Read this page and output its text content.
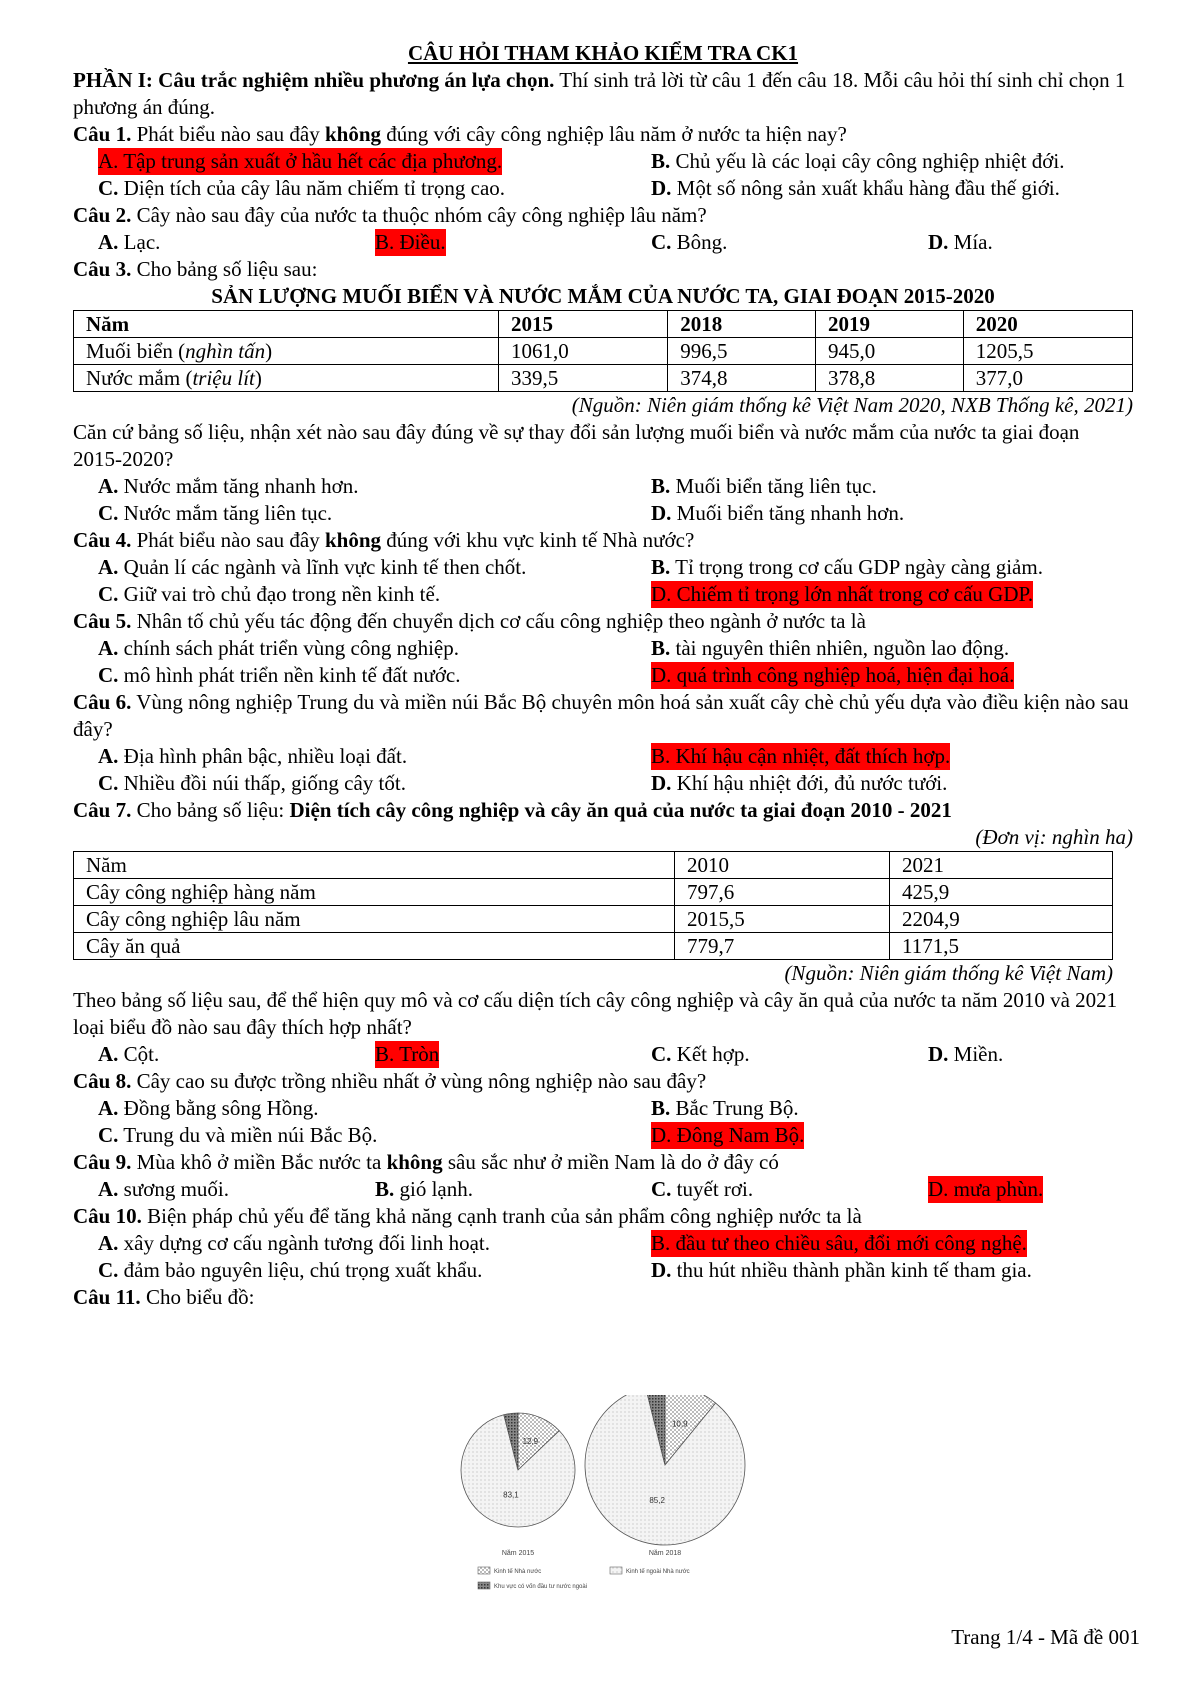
CÂU HỎI THAM KHẢO KIỂM TRA CK1
PHẦN I: Câu trắc nghiệm nhiều phương án lựa chọn. Thí sinh trả lời từ câu 1 đến câu 18. Mỗi câu hỏi thí sinh chỉ chọn 1 phương án đúng.
Câu 1. Phát biểu nào sau đây không đúng với cây công nghiệp lâu năm ở nước ta hiện nay?
A. Tập trung sản xuất ở hầu hết các địa phương.	B. Chủ yếu là các loại cây công nghiệp nhiệt đới.
C. Diện tích của cây lâu năm chiếm tỉ trọng cao.	D. Một số nông sản xuất khẩu hàng đầu thế giới.
Câu 2. Cây nào sau đây của nước ta thuộc nhóm cây công nghiệp lâu năm?
A. Lạc.	B. Điều.	C. Bông.	D. Mía.
Câu 3. Cho bảng số liệu sau:
SẢN LƯỢNG MUỐI BIỂN VÀ NƯỚC MẮM CỦA NƯỚC TA, GIAI ĐOẠN 2015-2020
Năm	2015	2018	2019	2020
Muối biển (nghìn tấn)	1061,0	996,5	945,0	1205,5
Nước mắm (triệu lít)	339,5	374,8	378,8	377,0
(Nguồn: Niên giám thống kê Việt Nam 2020, NXB Thống kê, 2021)
Căn cứ bảng số liệu, nhận xét nào sau đây đúng về sự thay đổi sản lượng muối biển và nước mắm của nước ta giai đoạn 2015-2020?
A. Nước mắm tăng nhanh hơn.	B. Muối biển tăng liên tục.
C. Nước mắm tăng liên tục.	D. Muối biển tăng nhanh hơn.
Câu 4. Phát biểu nào sau đây không đúng với khu vực kinh tế Nhà nước?
A. Quản lí các ngành và lĩnh vực kinh tế then chốt.	B. Tỉ trọng trong cơ cấu GDP ngày càng giảm.
C. Giữ vai trò chủ đạo trong nền kinh tế.	D. Chiếm tỉ trọng lớn nhất trong cơ cấu GDP.
Câu 5. Nhân tố chủ yếu tác động đến chuyển dịch cơ cấu công nghiệp theo ngành ở nước ta là
A. chính sách phát triển vùng công nghiệp.	B. tài nguyên thiên nhiên, nguồn lao động.
C. mô hình phát triển nền kinh tế đất nước.	D. quá trình công nghiệp hoá, hiện đại hoá.
Câu 6. Vùng nông nghiệp Trung du và miền núi Bắc Bộ chuyên môn hoá sản xuất cây chè chủ yếu dựa vào điều kiện nào sau đây?
A. Địa hình phân bậc, nhiều loại đất.	B. Khí hậu cận nhiệt, đất thích hợp.
C. Nhiều đồi núi thấp, giống cây tốt.	D. Khí hậu nhiệt đới, đủ nước tưới.
Câu 7. Cho bảng số liệu: Diện tích cây công nghiệp và cây ăn quả của nước ta giai đoạn 2010 - 2021
(Đơn vị: nghìn ha)
Năm	2010	2021
Cây công nghiệp hàng năm	797,6	425,9
Cây công nghiệp lâu năm	2015,5	2204,9
Cây ăn quả	779,7	1171,5
(Nguồn: Niên giám thống kê Việt Nam)
Theo bảng số liệu sau, để thể hiện quy mô và cơ cấu diện tích cây công nghiệp và cây ăn quả của nước ta năm 2010 và 2021 loại biểu đồ nào sau đây thích hợp nhất?
A. Cột.	B. Tròn	C. Kết hợp.	D. Miền.
Câu 8. Cây cao su được trồng nhiều nhất ở vùng nông nghiệp nào sau đây?
A. Đồng bằng sông Hồng.	B. Bắc Trung Bộ.
C. Trung du và miền núi Bắc Bộ.	D. Đông Nam Bộ.
Câu 9. Mùa khô ở miền Bắc nước ta không sâu sắc như ở miền Nam là do ở đây có
A. sương muối.	B. gió lạnh.	C. tuyết rơi.	D. mưa phùn.
Câu 10. Biện pháp chủ yếu để tăng khả năng cạnh tranh của sản phẩm công nghiệp nước ta là
A. xây dựng cơ cấu ngành tương đối linh hoạt.	B. đầu tư theo chiều sâu, đổi mới công nghệ.
C. đảm bảo nguyên liệu, chú trọng xuất khẩu.	D. thu hút nhiều thành phần kinh tế tham gia.
Câu 11. Cho biểu đồ:
12,9
83,1
Năm 2015
10,9
85,2
Năm 2018
Kinh tế Nhà nước	Kinh tế ngoài Nhà nước
Khu vực có vốn đầu tư nước ngoài
Trang 1/4 - Mã đề 001
